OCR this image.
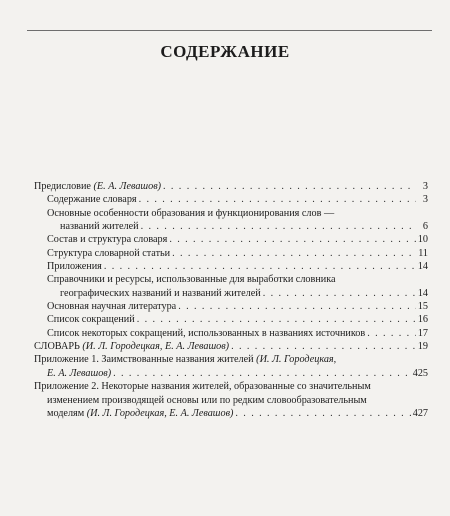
СОДЕРЖАНИЕ
Предисловие (Е. А. Левашов) . . .	3
Содержание словаря . . .	3
Основные особенности образования и функционирования слов —
названий жителей . . .	6
Состав и структура словаря . . .	10
Структура словарной статьи . . .	11
Приложения . . .	14
Справочники и ресурсы, использованные для выработки словника
географических названий и названий жителей . . .	14
Основная научная литература . . .	15
Список сокращений . . .	16
Список некоторых сокращений, использованных в названиях источников . . .	17
СЛОВАРЬ (И. Л. Городецкая, Е. А. Левашов) . . .	19
Приложение 1. Заимствованные названия жителей (И. Л. Городецкая,
Е. А. Левашов) . . .	425
Приложение 2. Некоторые названия жителей, образованные со значительным
изменением производящей основы или по редким словообразовательным
моделям (И. Л. Городецкая, Е. А. Левашов) . . .	427
